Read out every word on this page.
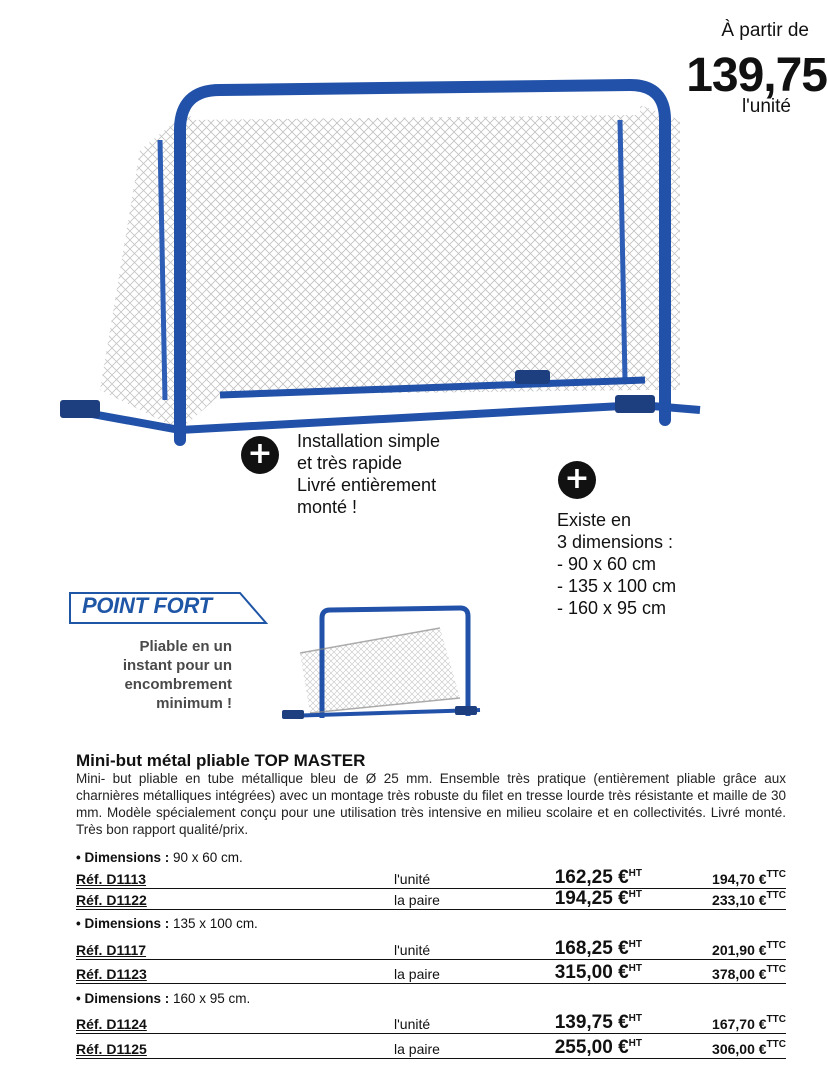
À partir de
139,75
l'unité
+ Installation simple
et très rapide
Livré entièrement
monté !
+
Existe en
3 dimensions :
- 90 x 60 cm
- 135 x 100 cm
- 160 x 95 cm
POINT FORT
Pliable en un
instant pour un
encombrement
minimum !
Mini-but métal pliable TOP MASTER

Mini- but pliable en tube métallique bleu de Ø 25 mm. Ensemble très pratique (entièrement pliable grâce aux charnières métalliques intégrées) avec un montage très robuste du filet en tresse lourde très résistante et maille de 30 mm. Modèle spécialement conçu pour une utilisation très intensive en milieu scolaire et en collectivités. Livré monté. Très bon rapport qualité/prix.

• Dimensions : 90 x 60 cm.
Réf. D1113	l'unité	162,25 €$^{HT}$	194,70 €$^{TTC}$
Réf. D1122	la paire	194,25 €$^{HT}$	233,10 €$^{TTC}$
• Dimensions : 135 x 100 cm.
Réf. D1117	l'unité	168,25 €$^{HT}$	201,90 €$^{TTC}$
Réf. D1123	la paire	315,00 €$^{HT}$	378,00 €$^{TTC}$
• Dimensions : 160 x 95 cm.
Réf. D1124	l'unité	139,75 €$^{HT}$	167,70 €$^{TTC}$
Réf. D1125	la paire	255,00 €$^{HT}$	306,00 €$^{TTC}$
